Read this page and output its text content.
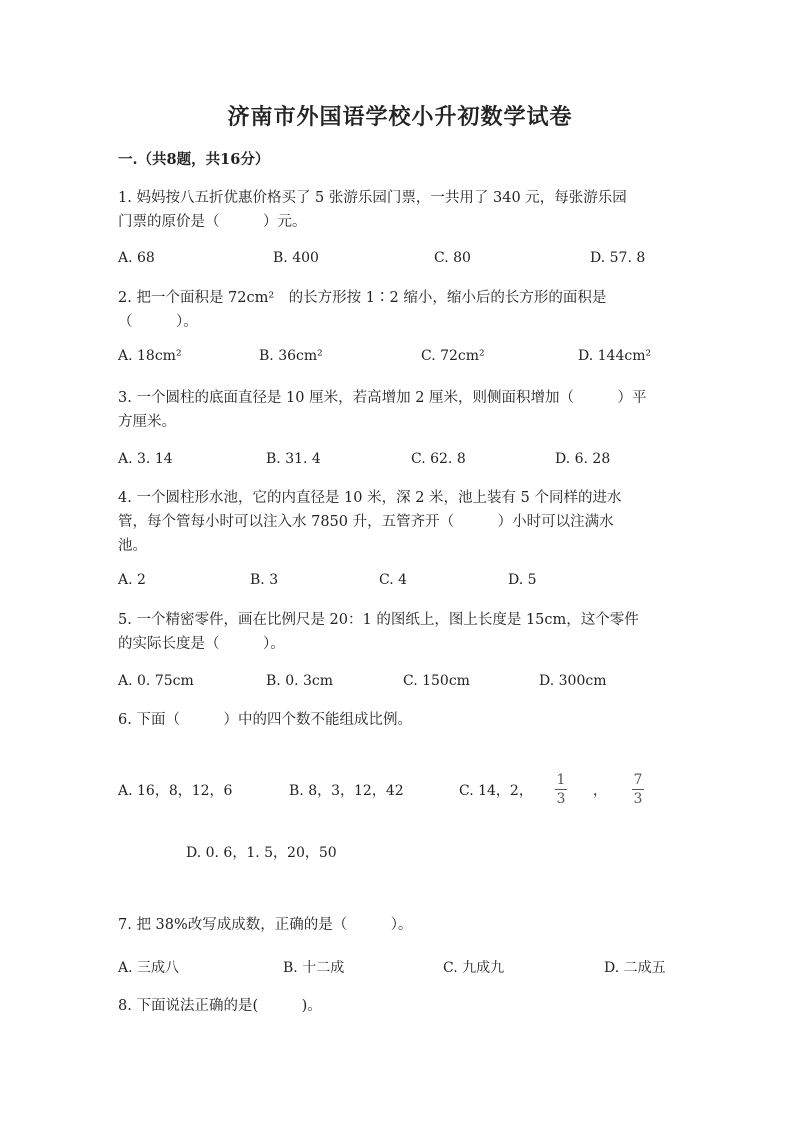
济南市外国语学校小升初数学试卷
一.（共8题，共16分）
1. 妈妈按八五折优惠价格买了 5 张游乐园门票，一共用了 340 元，每张游乐园
门票的原价是（　　　）元。
A. 68	B. 400	C. 80	D. 57. 8
2. 把一个面积是 72cm²　的长方形按 1∶2 缩小，缩小后的长方形的面积是
（　　　）。
A. 18cm²	B. 36cm²	C. 72cm²	D. 144cm²
3. 一个圆柱的底面直径是 10 厘米，若高增加 2 厘米，则侧面积增加（　　　）平
方厘米。
A. 3. 14	B. 31. 4	C. 62. 8	D. 6. 28
4. 一个圆柱形水池，它的内直径是 10 米，深 2 米，池上装有 5 个同样的进水
管，每个管每小时可以注入水 7850 升，五管齐开（　　　）小时可以注满水
池。
A. 2	B. 3	C. 4	D. 5
5. 一个精密零件，画在比例尺是 20：1 的图纸上，图上长度是 15cm，这个零件
的实际长度是（　　　）。
A. 0. 75cm	B. 0. 3cm	C. 150cm	D. 300cm
6. 下面（　　　）中的四个数不能组成比例。
A. 16，8，12，6	B. 8，3，12，42	C. 14，2，
1
3 ，
7
3
D. 0. 6，1. 5，20，50
7. 把 38%改写成成数，正确的是（　　　）。
A. 三成八	B. 十二成	C. 九成九	D. 二成五
8. 下面说法正确的是(　　　)。
